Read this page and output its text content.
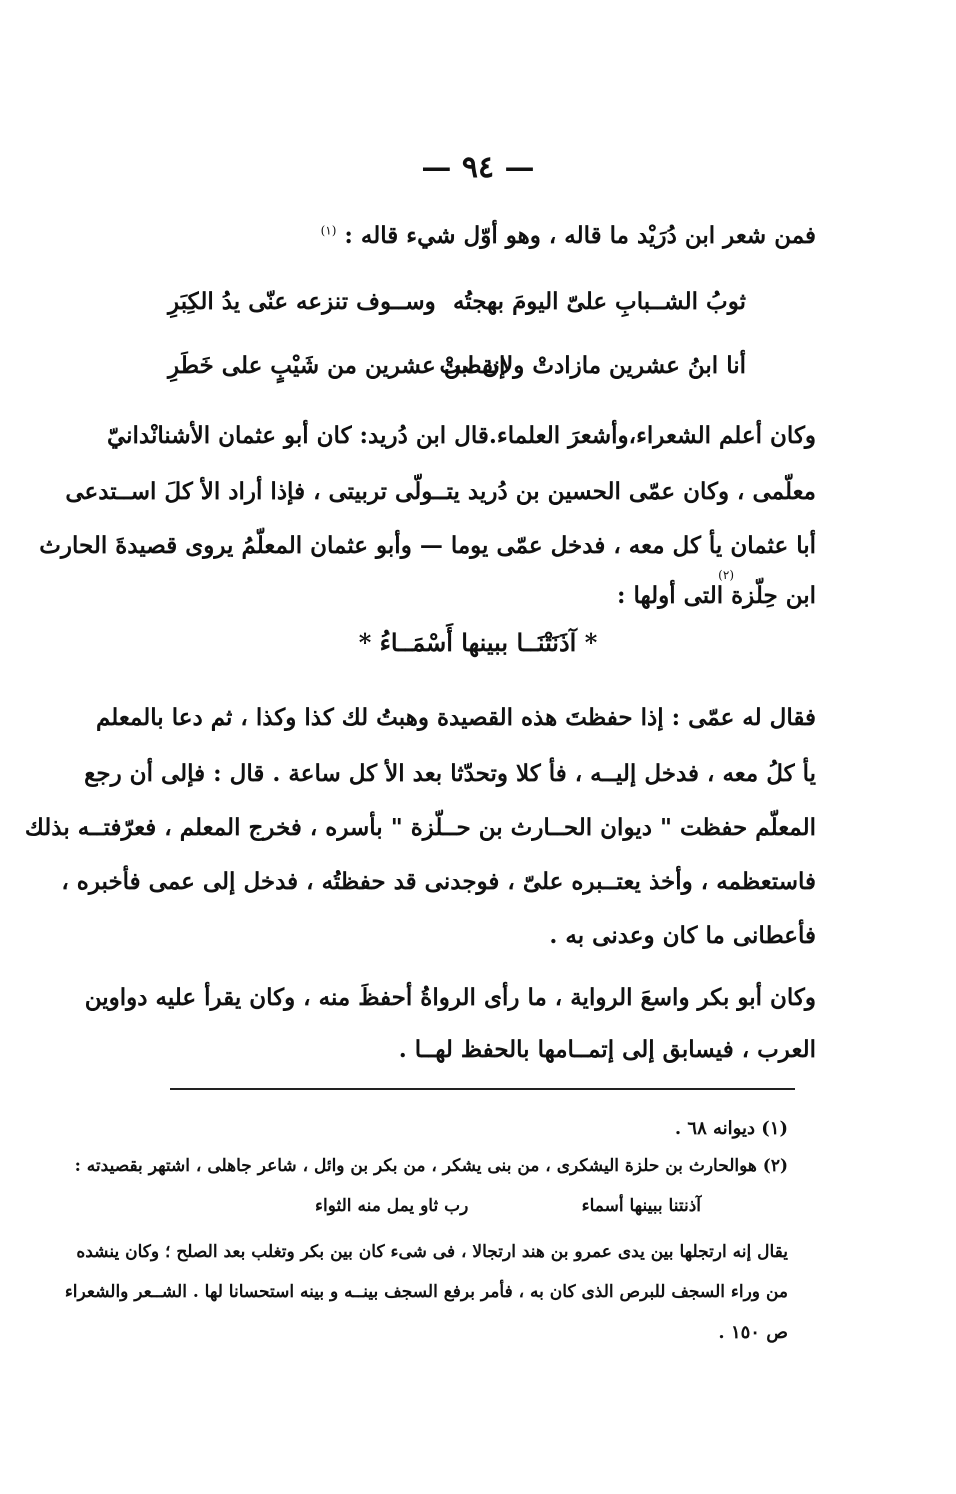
— ٩٤ —
فمن شعر ابن دُرَيْد ما قاله ، وهو أوّل شيء قاله : $^{(١)}$
ثوبُ الشــبابِ علىّ اليومَ بهجتُه
وســوف تنزعه عنّى يدُ الكِبَرِ
أنا ابنُ عشرين مازادتْ ولانقصتْ
إن ابن عشرين من شَيْبٍ على خَطَرِ
وكان أعلم الشعراء،وأشعرَ العلماء.قال ابن دُريد: كان أبو عثمان الأشنانْدانيّ
معلّمى ، وكان عمّى الحسين بن دُريد يتــولّى تربيتى ، فإذا أراد الأ كلَ اســتدعى
أبا عثمان يأ كل معه ، فدخل عمّى يوما — وأبو عثمان المعلّمُ يروى قصيدةَ الحارث
ابن حِلّزة التى أولها :
(٢)
* آذَنَتْنَــا ببينها أَسْمَــاءُ *
فقال له عمّى : إذا حفظتَ هذه القصيدة وهبتُ لك كذا وكذا ، ثم دعا بالمعلم
يأ كلُ معه ، فدخل إليــه ، فأ كلا وتحدّثا بعد الأ كل ساعة . قال : فإلى أن رجع
المعلّم حفظت " ديوان الحــارث بن حــلّزة " بأسره ، فخرج المعلم ، فعرّفتــه بذلك
فاستعظمه ، وأخذ يعتــبره علىّ ، فوجدنى قد حفظتُه ، فدخل إلى عمى فأخبره ،
فأعطانى ما كان وعدنى به .
وكان أبو بكر واسعَ الرواية ، ما رأى الرواةُ أحفظَ منه ، وكان يقرأ عليه دواوين
العرب ، فيسابق إلى إتمــامها بالحفظ لهــا .
(١) ديوانه ٦٨ .
(٢) هوالحارث بن حلزة اليشكرى ، من بنى يشكر ، من بكر بن وائل ، شاعر جاهلى ، اشتهر بقصيدته :
آذنتنا ببينها أسماء
رب ثاو يمل منه الثواء
يقال إنه ارتجلها بين يدى عمرو بن هند ارتجالا ، فى شىء كان بين بكر وتغلب بعد الصلح ؛ وكان ينشده
من وراء السجف للبرص الذى كان به ، فأمر برفع السجف بينــه و بينه استحسانا لها . الشــعر والشعراء
ص ١٥٠ .
